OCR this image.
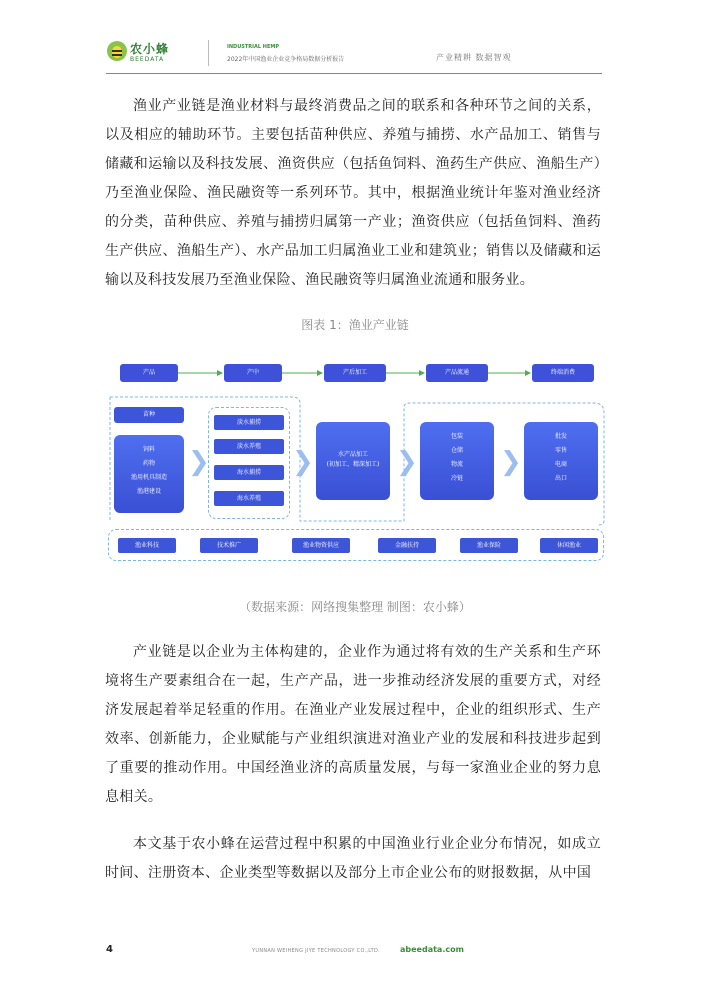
农小蜂
BEEDATA
INDUSTRIAL HEMP
2022年中国渔业企业竞争格局数据分析报告	产业精耕 数据智观

渔业产业链是渔业材料与最终消费品之间的联系和各种环节之间的关系，以及相应的辅助环节。主要包括苗种供应、养殖与捕捞、水产品加工、销售与储藏和运输以及科技发展、渔资供应（包括鱼饲料、渔药生产供应、渔船生产）乃至渔业保险、渔民融资等一系列环节。其中，根据渔业统计年鉴对渔业经济的分类，苗种供应、养殖与捕捞归属第一产业；渔资供应（包括鱼饲料、渔药生产供应、渔船生产）、水产品加工归属渔业工业和建筑业；销售以及储藏和运输以及科技发展乃至渔业保险、渔民融资等归属渔业流通和服务业。

图表 1：渔业产业链
产品	产中	产后加工	产品流通	终端消费
苗种
饲料
药物
渔用机具制造
渔港建设
❯
淡水捕捞
淡水养殖
海水捕捞
海水养殖
❯	水产品加工
(初加工、精深加工) ❯
包装
仓储
物流
冷链
❯
批发
零售
电商
出口
渔业科技	技术推广	渔业物资供应	金融扶持	渔业保险	休闲渔业
（数据来源：网络搜集整理 制图：农小蜂）

产业链是以企业为主体构建的，企业作为通过将有效的生产关系和生产环境将生产要素组合在一起，生产产品，进一步推动经济发展的重要方式，对经济发展起着举足轻重的作用。在渔业产业发展过程中，企业的组织形式、生产效率、创新能力，企业赋能与产业组织演进对渔业产业的发展和科技进步起到了重要的推动作用。中国经渔业济的高质量发展，与每一家渔业企业的努力息息相关。

本文基于农小蜂在运营过程中积累的中国渔业行业企业分布情况，如成立时间、注册资本、企业类型等数据以及部分上市企业公布的财报数据，从中国

4	YUNNAN WEIHENG JIYE TECHNOLOGY CO.,LTD. abeedata.com
